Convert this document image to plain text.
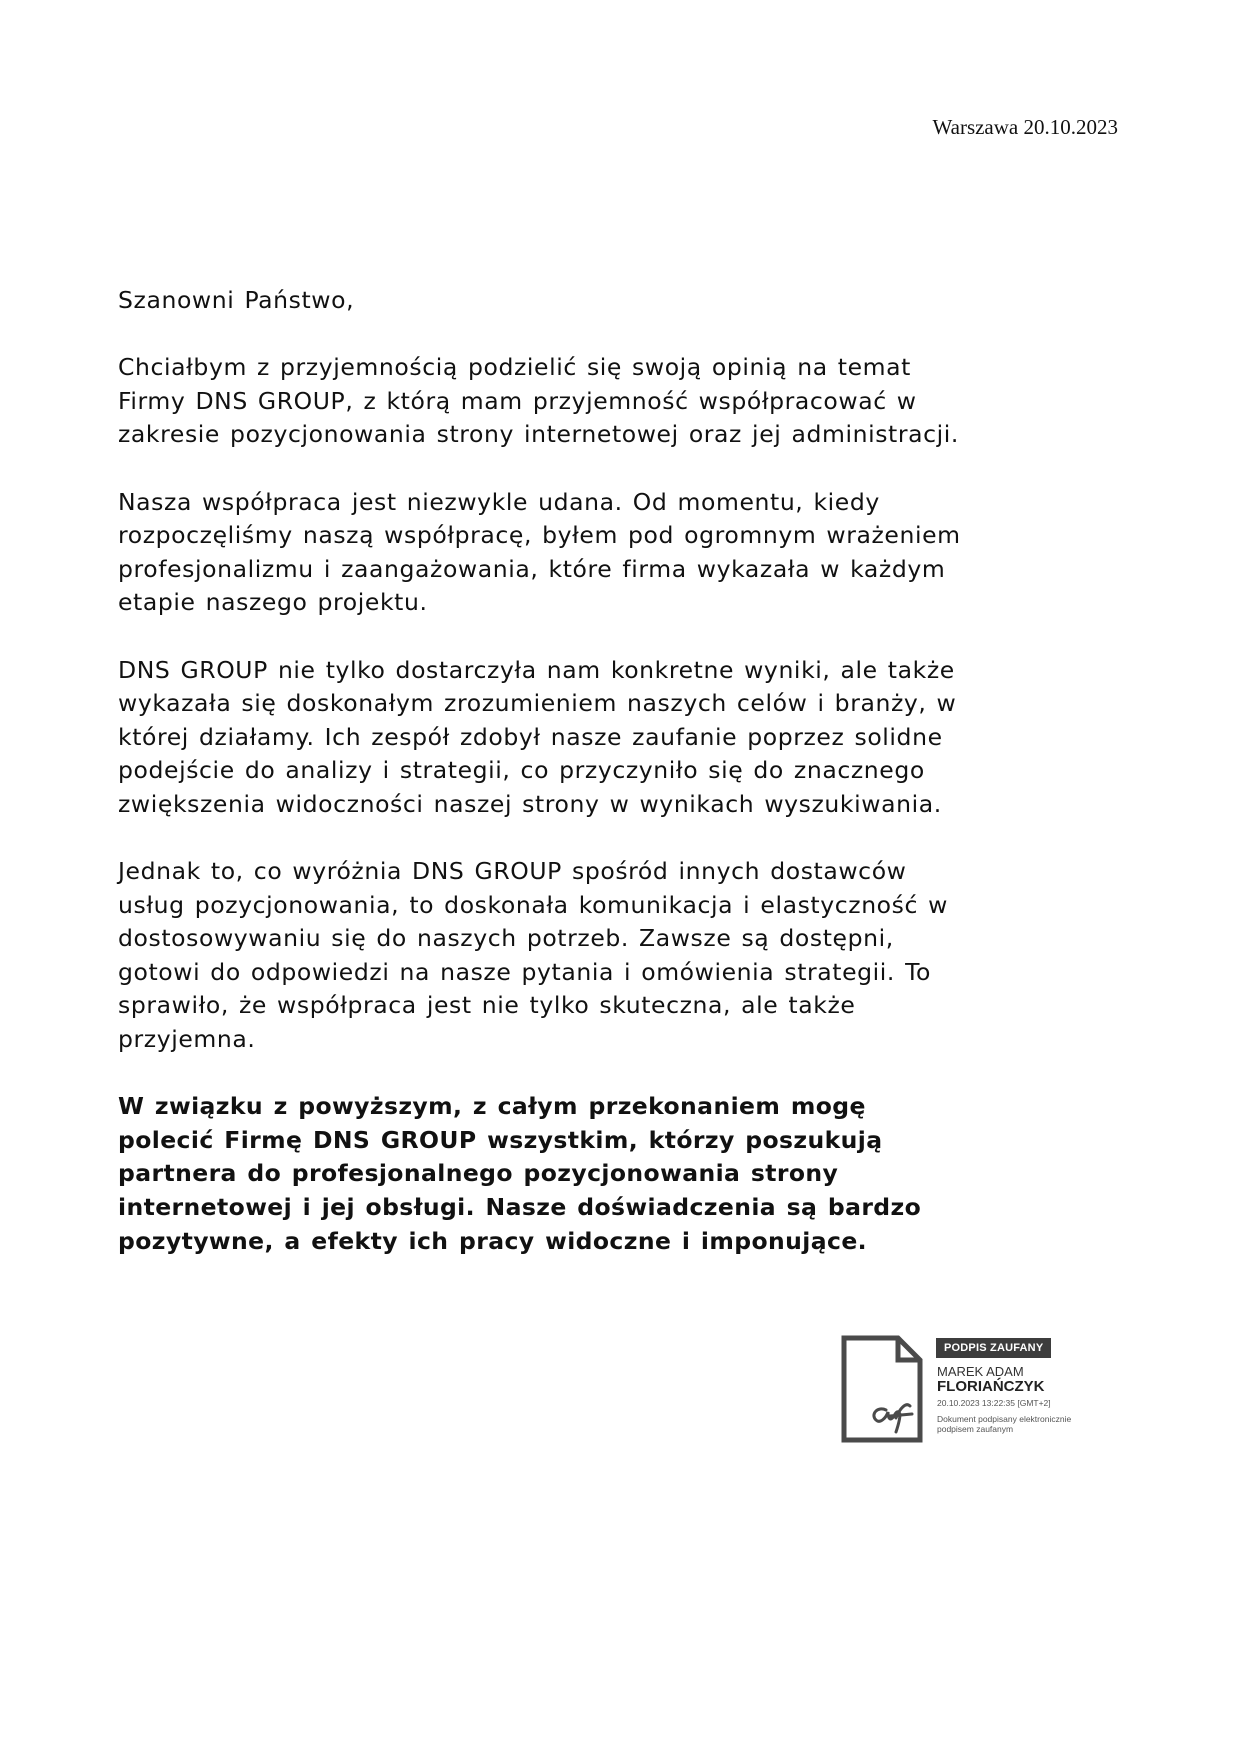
Warszawa 20.10.2023

Szanowni Państwo,

Chciałbym z przyjemnością podzielić się swoją opinią na temat
Firmy DNS GROUP, z którą mam przyjemność współpracować w
zakresie pozycjonowania strony internetowej oraz jej administracji.

Nasza współpraca jest niezwykle udana. Od momentu, kiedy
rozpoczęliśmy naszą współpracę, byłem pod ogromnym wrażeniem
profesjonalizmu i zaangażowania, które firma wykazała w każdym
etapie naszego projektu.

DNS GROUP nie tylko dostarczyła nam konkretne wyniki, ale także
wykazała się doskonałym zrozumieniem naszych celów i branży, w
której działamy. Ich zespół zdobył nasze zaufanie poprzez solidne
podejście do analizy i strategii, co przyczyniło się do znacznego
zwiększenia widoczności naszej strony w wynikach wyszukiwania.

Jednak to, co wyróżnia DNS GROUP spośród innych dostawców
usług pozycjonowania, to doskonała komunikacja i elastyczność w
dostosowywaniu się do naszych potrzeb. Zawsze są dostępni,
gotowi do odpowiedzi na nasze pytania i omówienia strategii. To
sprawiło, że współpraca jest nie tylko skuteczna, ale także
przyjemna.

W związku z powyższym, z całym przekonaniem mogę
polecić Firmę DNS GROUP wszystkim, którzy poszukują
partnera do profesjonalnego pozycjonowania strony
internetowej i jej obsługi. Nasze doświadczenia są bardzo
pozytywne, a efekty ich pracy widoczne i imponujące.

PODPIS ZAUFANY
MAREK ADAM
FLORIAŃCZYK
20.10.2023 13:22:35 [GMT+2]
Dokument podpisany elektronicznie
podpisem zaufanym
